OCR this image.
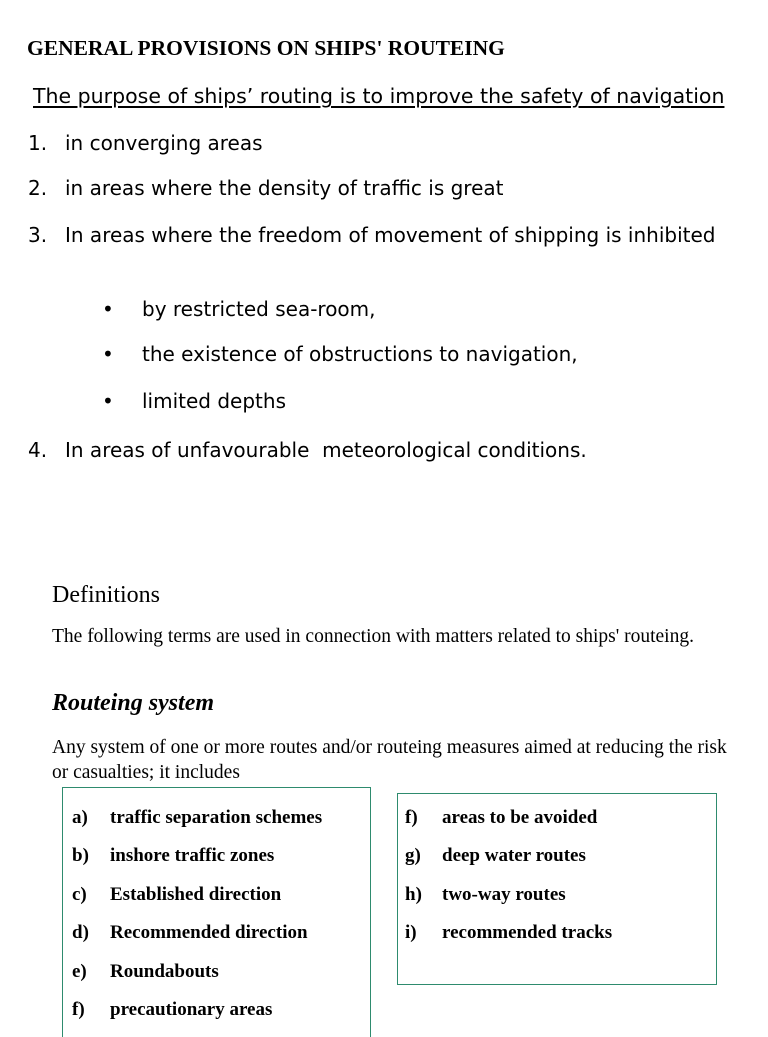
GENERAL PROVISIONS ON SHIPS' ROUTEING
The purpose of ships’ routing is to improve the safety of navigation
1. in converging areas
2. in areas where the density of traffic is great
3. In areas where the freedom of movement of shipping is inhibited
• by restricted sea-room,
• the existence of obstructions to navigation,
• limited depths
4. In areas of unfavourable  meteorological conditions.
Definitions
The following terms are used in connection with matters related to ships' routeing.
Routeing system
Any system of one or more routes and/or routeing measures aimed at reducing the risk or casualties; it includes
a) traffic separation schemes
b) inshore traffic zones
c) Established direction
d) Recommended direction
e) Roundabouts
f) precautionary areas
f) areas to be avoided
g) deep water routes
h) two-way routes
i) recommended tracks
